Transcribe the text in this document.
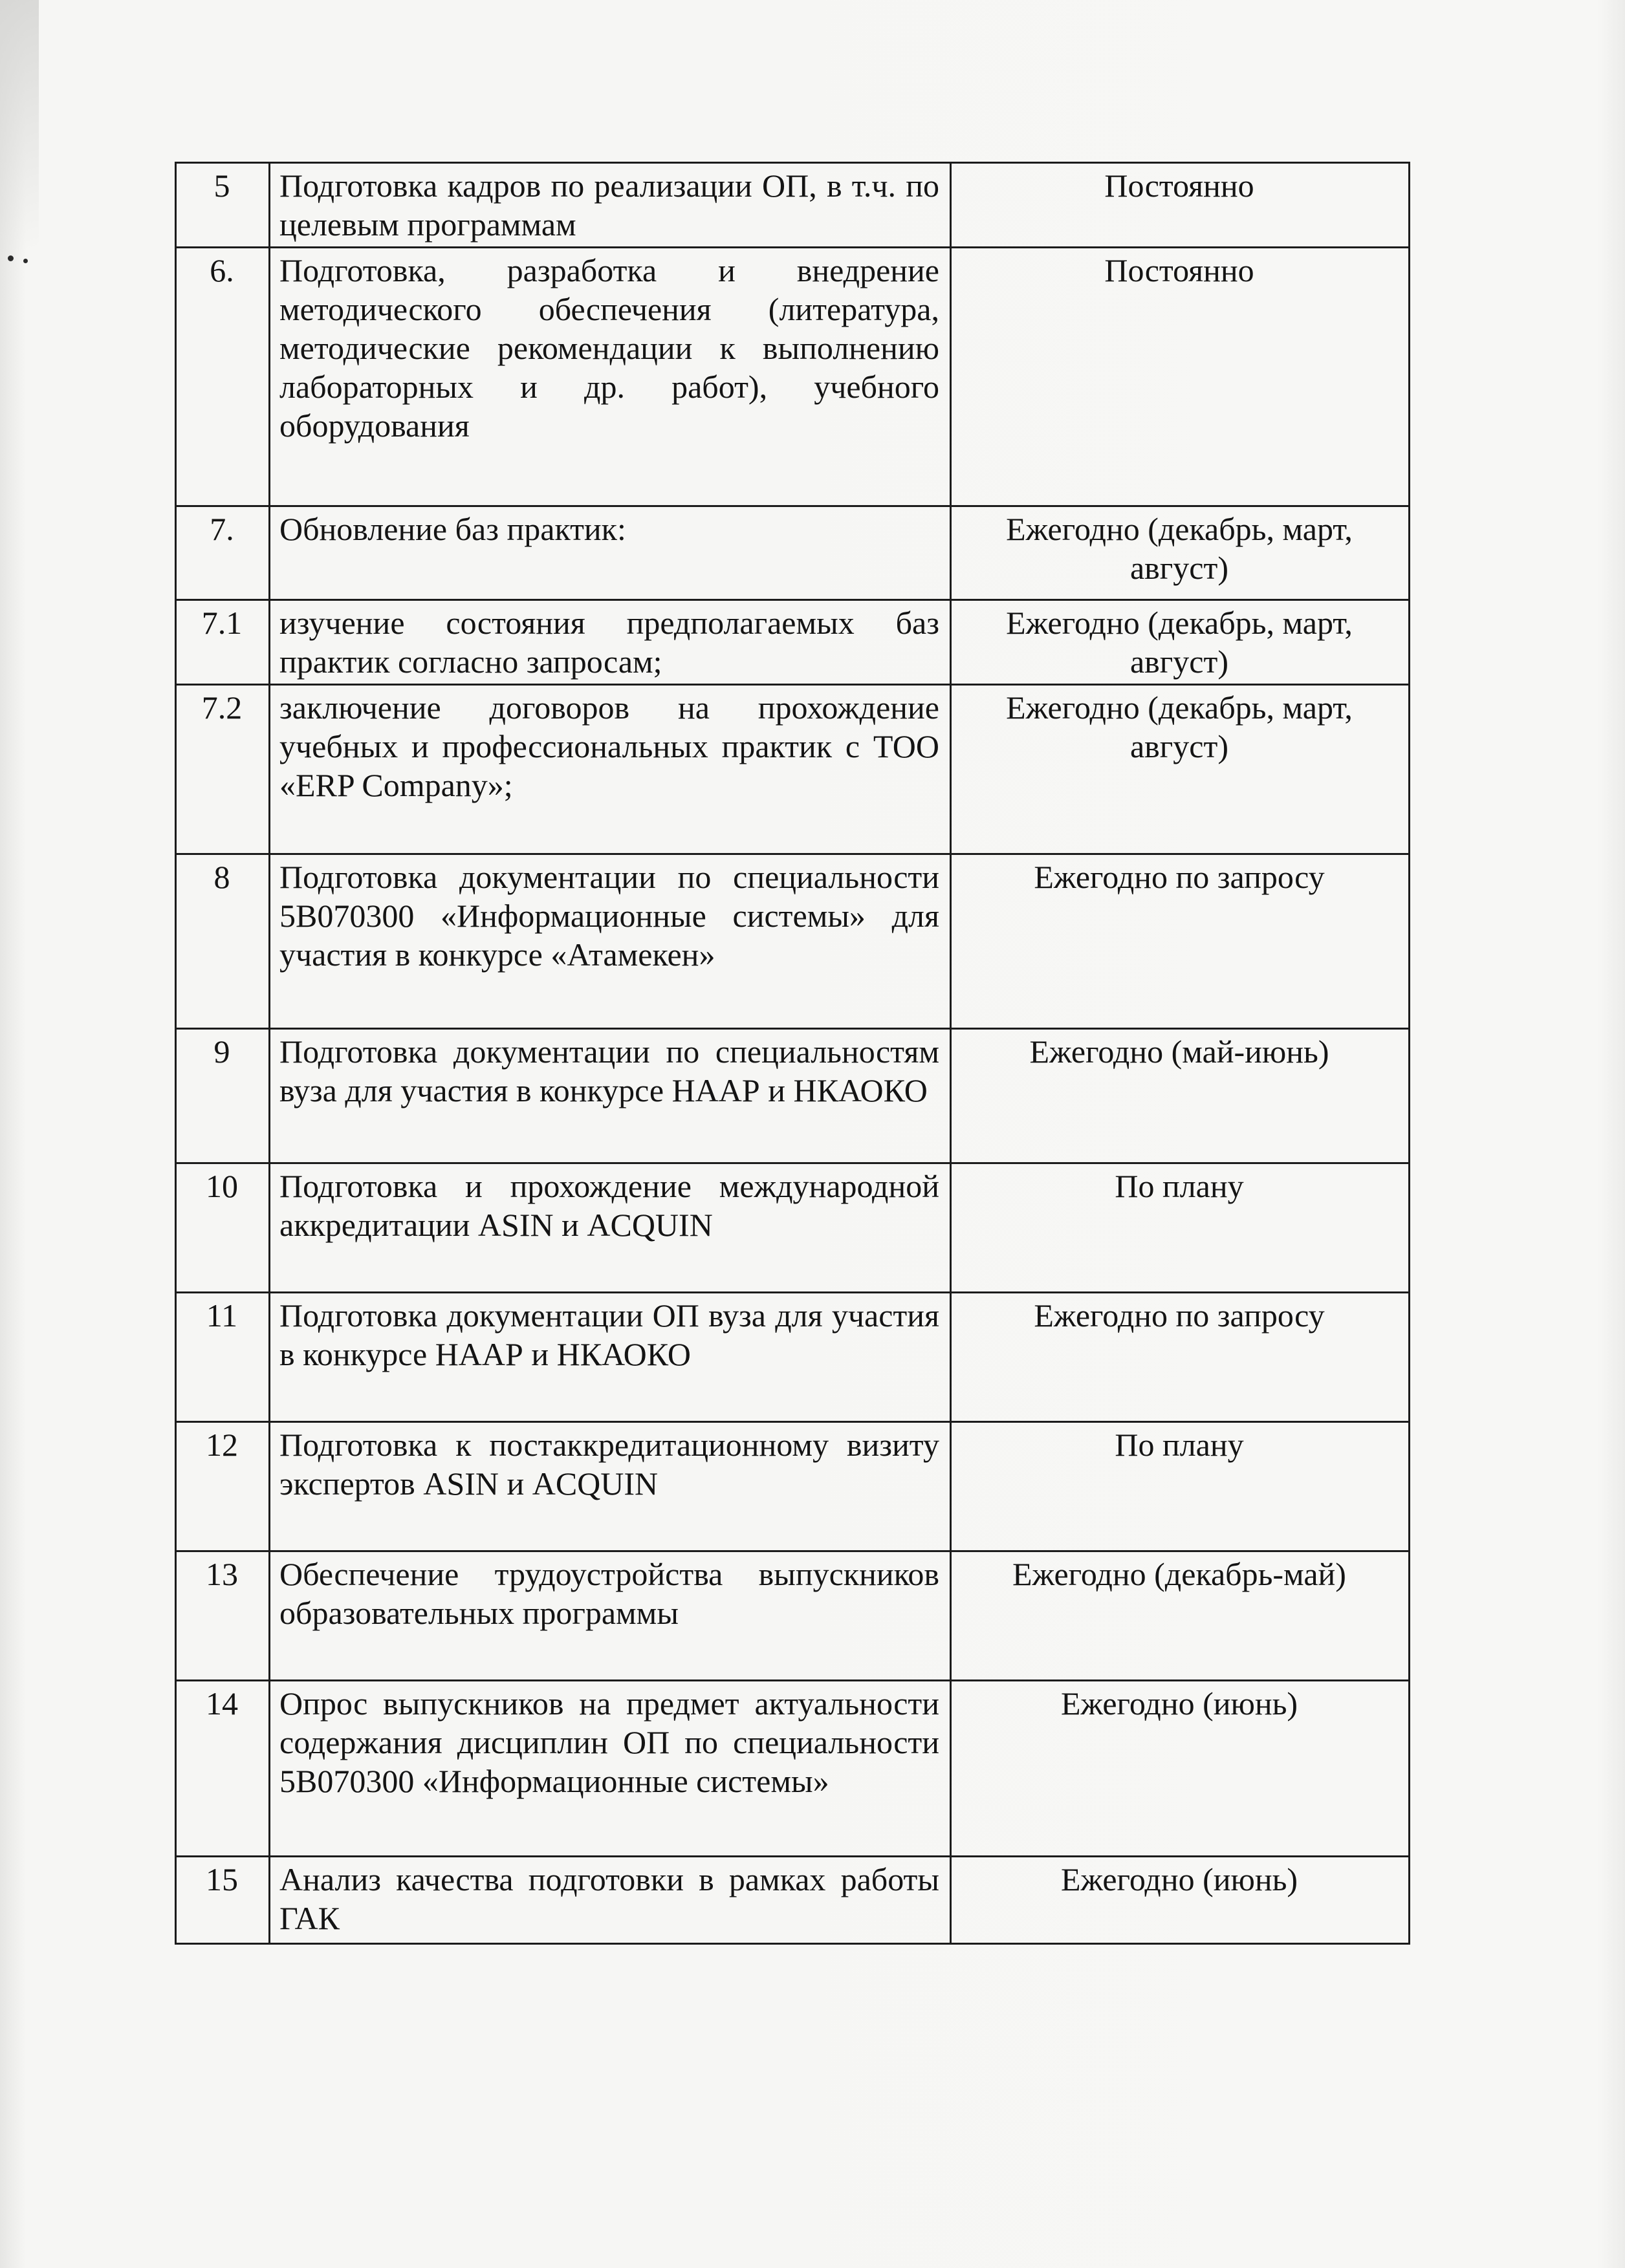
5	Подготовка кадров по реализации ОП, в т.ч. по целевым программам	Постоянно
6.	Подготовка, разработка и внедрение методического обеспечения (литература, методические рекомендации к выполнению лабораторных и др. работ), учебного оборудования	Постоянно
7.	Обновление баз практик:	Ежегодно (декабрь, март, август)
7.1	изучение состояния предполагаемых баз практик согласно запросам;	Ежегодно (декабрь, март, август)
7.2	заключение договоров на прохождение учебных и профессиональных практик с ТОО «ERP Company»;	Ежегодно (декабрь, март, август)
8	Подготовка документации по специальности 5В070300 «Информационные системы» для участия в конкурсе «Атамекен»	Ежегодно по запросу
9	Подготовка документации по специальностям вуза для участия в конкурсе НААР и НКАОКО	Ежегодно (май-июнь)
10	Подготовка и прохождение международной аккредитации ASIN и ACQUIN	По плану
11	Подготовка документации ОП вуза для участия в конкурсе НААР и НКАОКО	Ежегодно по запросу
12	Подготовка к постаккредитационному визиту экспертов ASIN и ACQUIN	По плану
13	Обеспечение трудоустройства выпускников образовательных программы	Ежегодно (декабрь-май)
14	Опрос выпускников на предмет актуальности содержания дисциплин ОП по специальности 5В070300 «Информационные системы»	Ежегодно (июнь)
15	Анализ качества подготовки в рамках работы ГАК	Ежегодно (июнь)
